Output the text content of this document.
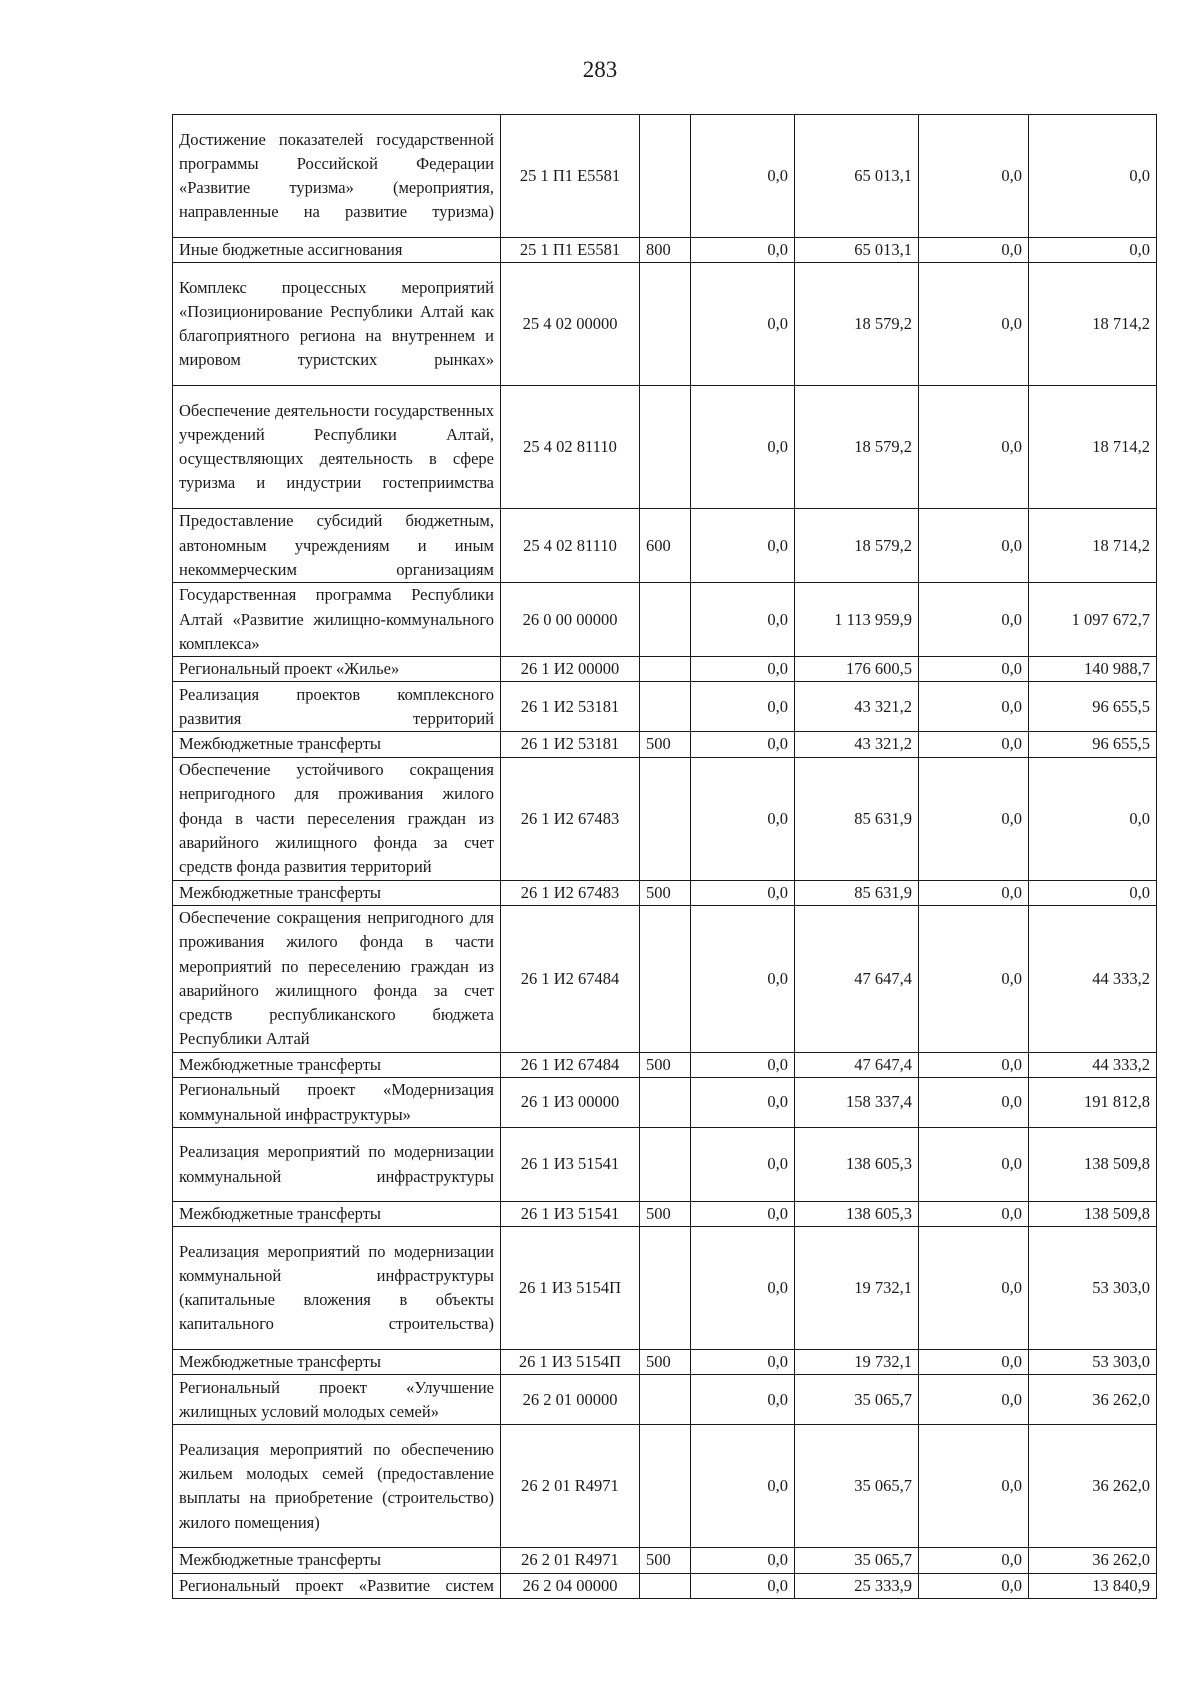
283
Достижение показателей государственной программы Российской Федерации «Развитие туризма» (мероприятия, направленные на развитие туризма)	25 1 П1 Е5581		0,0	65 013,1	0,0	0,0
Иные бюджетные ассигнования	25 1 П1 Е5581	800	0,0	65 013,1	0,0	0,0
Комплекс процессных мероприятий «Позиционирование Республики Алтай как благоприятного региона на внутреннем и мировом туристских рынках»	25 4 02 00000		0,0	18 579,2	0,0	18 714,2
Обеспечение деятельности государственных учреждений Республики Алтай, осуществляющих деятельность в сфере туризма и индустрии гостеприимства	25 4 02 81110		0,0	18 579,2	0,0	18 714,2
Предоставление субсидий бюджетным, автономным учреждениям и иным некоммерческим организациям	25 4 02 81110	600	0,0	18 579,2	0,0	18 714,2
Государственная программа Республики Алтай «Развитие жилищно-коммунального комплекса»	26 0 00 00000		0,0	1 113 959,9	0,0	1 097 672,7
Региональный проект «Жилье»	26 1 И2 00000		0,0	176 600,5	0,0	140 988,7
Реализация проектов комплексного развития территорий	26 1 И2 53181		0,0	43 321,2	0,0	96 655,5
Межбюджетные трансферты	26 1 И2 53181	500	0,0	43 321,2	0,0	96 655,5
Обеспечение устойчивого сокращения непригодного для проживания жилого фонда в части переселения граждан из аварийного жилищного фонда за счет средств фонда развития территорий	26 1 И2 67483		0,0	85 631,9	0,0	0,0
Межбюджетные трансферты	26 1 И2 67483	500	0,0	85 631,9	0,0	0,0
Обеспечение сокращения непригодного для проживания жилого фонда в части мероприятий по переселению граждан из аварийного жилищного фонда за счет средств республиканского бюджета Республики Алтай	26 1 И2 67484		0,0	47 647,4	0,0	44 333,2
Межбюджетные трансферты	26 1 И2 67484	500	0,0	47 647,4	0,0	44 333,2
Региональный проект «Модернизация коммунальной инфраструктуры»	26 1 И3 00000		0,0	158 337,4	0,0	191 812,8
Реализация мероприятий по модернизации коммунальной инфраструктуры	26 1 И3 51541		0,0	138 605,3	0,0	138 509,8
Межбюджетные трансферты	26 1 И3 51541	500	0,0	138 605,3	0,0	138 509,8
Реализация мероприятий по модернизации коммунальной инфраструктуры (капитальные вложения в объекты капитального строительства)	26 1 И3 5154П		0,0	19 732,1	0,0	53 303,0
Межбюджетные трансферты	26 1 И3 5154П	500	0,0	19 732,1	0,0	53 303,0
Региональный проект «Улучшение жилищных условий молодых семей»	26 2 01 00000		0,0	35 065,7	0,0	36 262,0
Реализация мероприятий по обеспечению жильем молодых семей (предоставление выплаты на приобретение (строительство) жилого помещения)	26 2 01 R4971		0,0	35 065,7	0,0	36 262,0
Межбюджетные трансферты	26 2 01 R4971	500	0,0	35 065,7	0,0	36 262,0
Региональный проект «Развитие систем	26 2 04 00000		0,0	25 333,9	0,0	13 840,9
